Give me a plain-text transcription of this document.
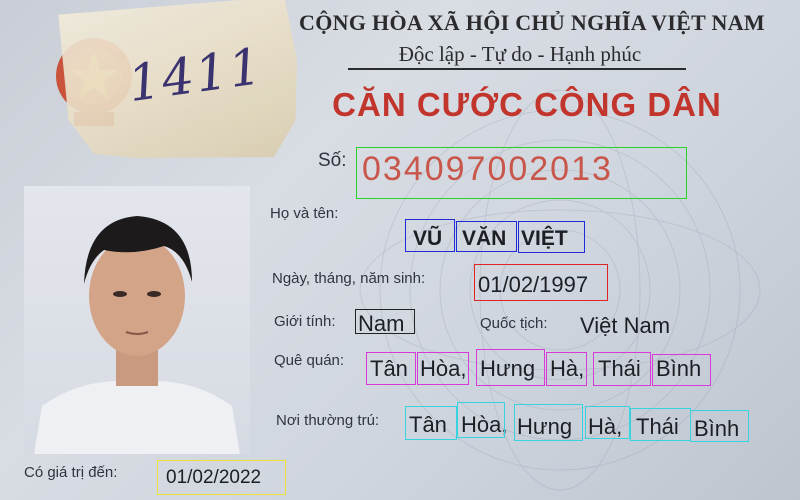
1411
CỘNG HÒA XÃ HỘI CHỦ NGHĨA VIỆT NAM
Độc lập - Tự do - Hạnh phúc
CĂN CƯỚC CÔNG DÂN
Số: 034097002013
Họ và tên:
VŨ VĂN VIỆT
Ngày, tháng, năm sinh: 01/02/1997
Giới tính: Nam	Quốc tịch: Việt Nam
Quê quán: Tân Hòa, Hưng Hà, Thái Bình
Nơi thường trú: Tân Hòa, Hưng Hà, Thái Bình
Có giá trị đến:	01/02/2022
